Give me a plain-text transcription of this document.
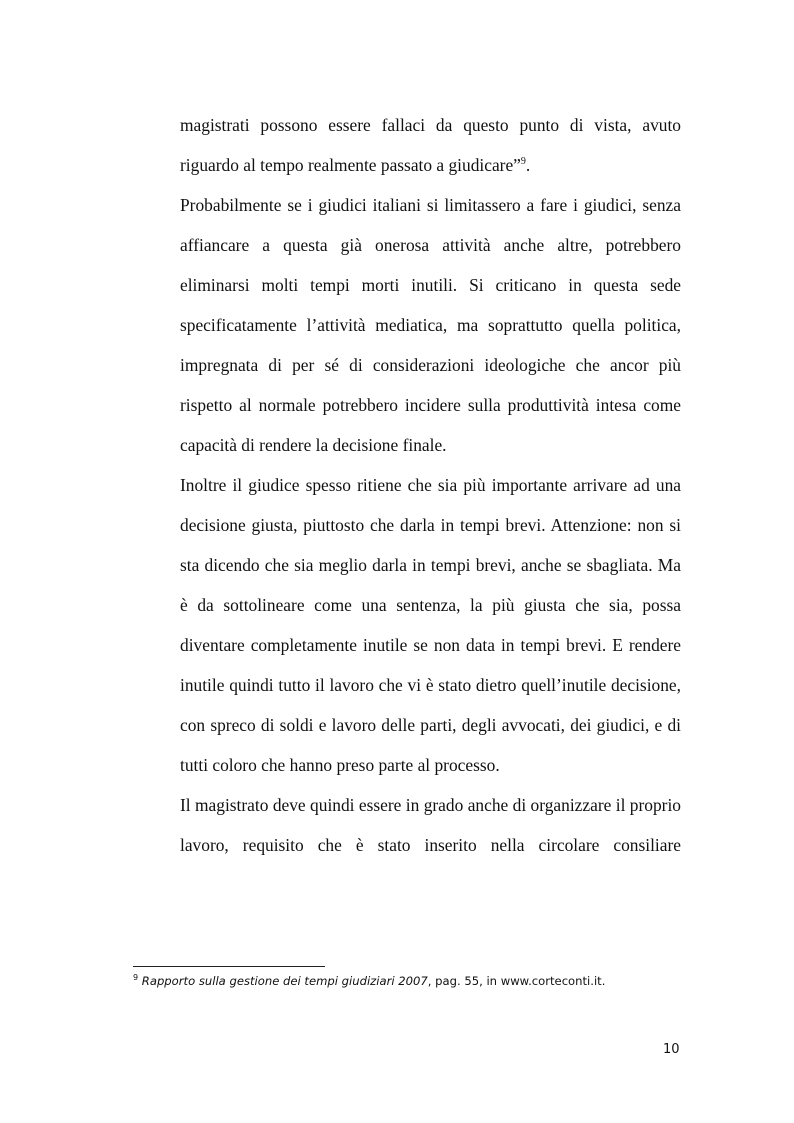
magistrati possono essere fallaci da questo punto di vista, avuto
riguardo al tempo realmente passato a giudicare”$^9$.
Probabilmente se i giudici italiani si limitassero a fare i giudici, senza
affiancare a questa già onerosa attività anche altre, potrebbero
eliminarsi molti tempi morti inutili. Si criticano in questa sede
specificatamente l’attività mediatica, ma soprattutto quella politica,
impregnata di per sé di considerazioni ideologiche che ancor più
rispetto al normale potrebbero incidere sulla produttività intesa come
capacità di rendere la decisione finale.
Inoltre il giudice spesso ritiene che sia più importante arrivare ad una
decisione giusta, piuttosto che darla in tempi brevi. Attenzione: non si
sta dicendo che sia meglio darla in tempi brevi, anche se sbagliata. Ma
è da sottolineare come una sentenza, la più giusta che sia, possa
diventare completamente inutile se non data in tempi brevi. E rendere
inutile quindi tutto il lavoro che vi è stato dietro quell’inutile decisione,
con spreco di soldi e lavoro delle parti, degli avvocati, dei giudici, e di
tutti coloro che hanno preso parte al processo.
Il magistrato deve quindi essere in grado anche di organizzare il proprio
lavoro, requisito che è stato inserito nella circolare consiliare
$^9$ Rapporto sulla gestione dei tempi giudiziari 2007, pag. 55, in www.corteconti.it.
10
